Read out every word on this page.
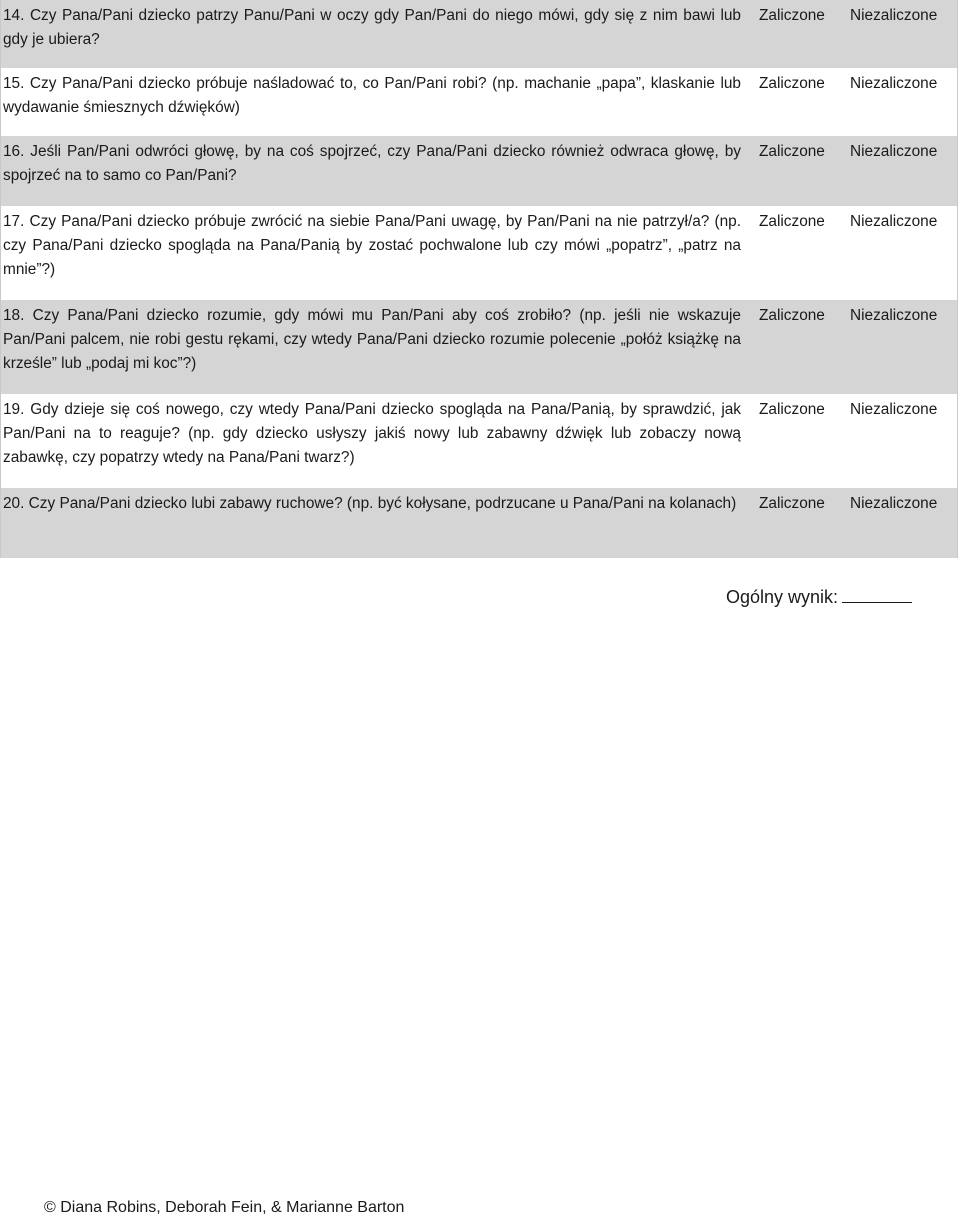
14. Czy Pana/Pani dziecko patrzy Panu/Pani w oczy gdy Pan/Pani do niego mówi, gdy się z nim bawi lub gdy je ubiera?

Zaliczone Niezaliczone

15. Czy Pana/Pani dziecko próbuje naśladować to, co Pan/Pani robi? (np. machanie „papa”, klaskanie lub wydawanie śmiesznych dźwięków)

Zaliczone Niezaliczone

16. Jeśli Pan/Pani odwróci głowę, by na coś spojrzeć, czy Pana/Pani dziecko również odwraca głowę, by spojrzeć na to samo co Pan/Pani?

Zaliczone Niezaliczone

17. Czy Pana/Pani dziecko próbuje zwrócić na siebie Pana/Pani uwagę, by Pan/Pani na nie patrzył/a? (np. czy Pana/Pani dziecko spogląda na Pana/Panią by zostać pochwalone lub czy mówi „popatrz”, „patrz na mnie”?)

Zaliczone Niezaliczone

18. Czy Pana/Pani dziecko rozumie, gdy mówi mu Pan/Pani aby coś zrobiło? (np. jeśli nie wskazuje Pan/Pani palcem, nie robi gestu rękami, czy wtedy Pana/Pani dziecko rozumie polecenie „połóż książkę na krześle” lub „podaj mi koc”?)

Zaliczone Niezaliczone

19. Gdy dzieje się coś nowego, czy wtedy Pana/Pani dziecko spogląda na Pana/Panią, by sprawdzić, jak Pan/Pani na to reaguje? (np. gdy dziecko usłyszy jakiś nowy lub zabawny dźwięk lub zobaczy nową zabawkę, czy popatrzy wtedy na Pana/Pani twarz?)

Zaliczone Niezaliczone

20. Czy Pana/Pani dziecko lubi zabawy ruchowe? (np. być kołysane, podrzucane u Pana/Pani na kolanach)	Zaliczone Niezaliczone
Ogólny wynik:
© Diana Robins, Deborah Fein, & Marianne Barton
